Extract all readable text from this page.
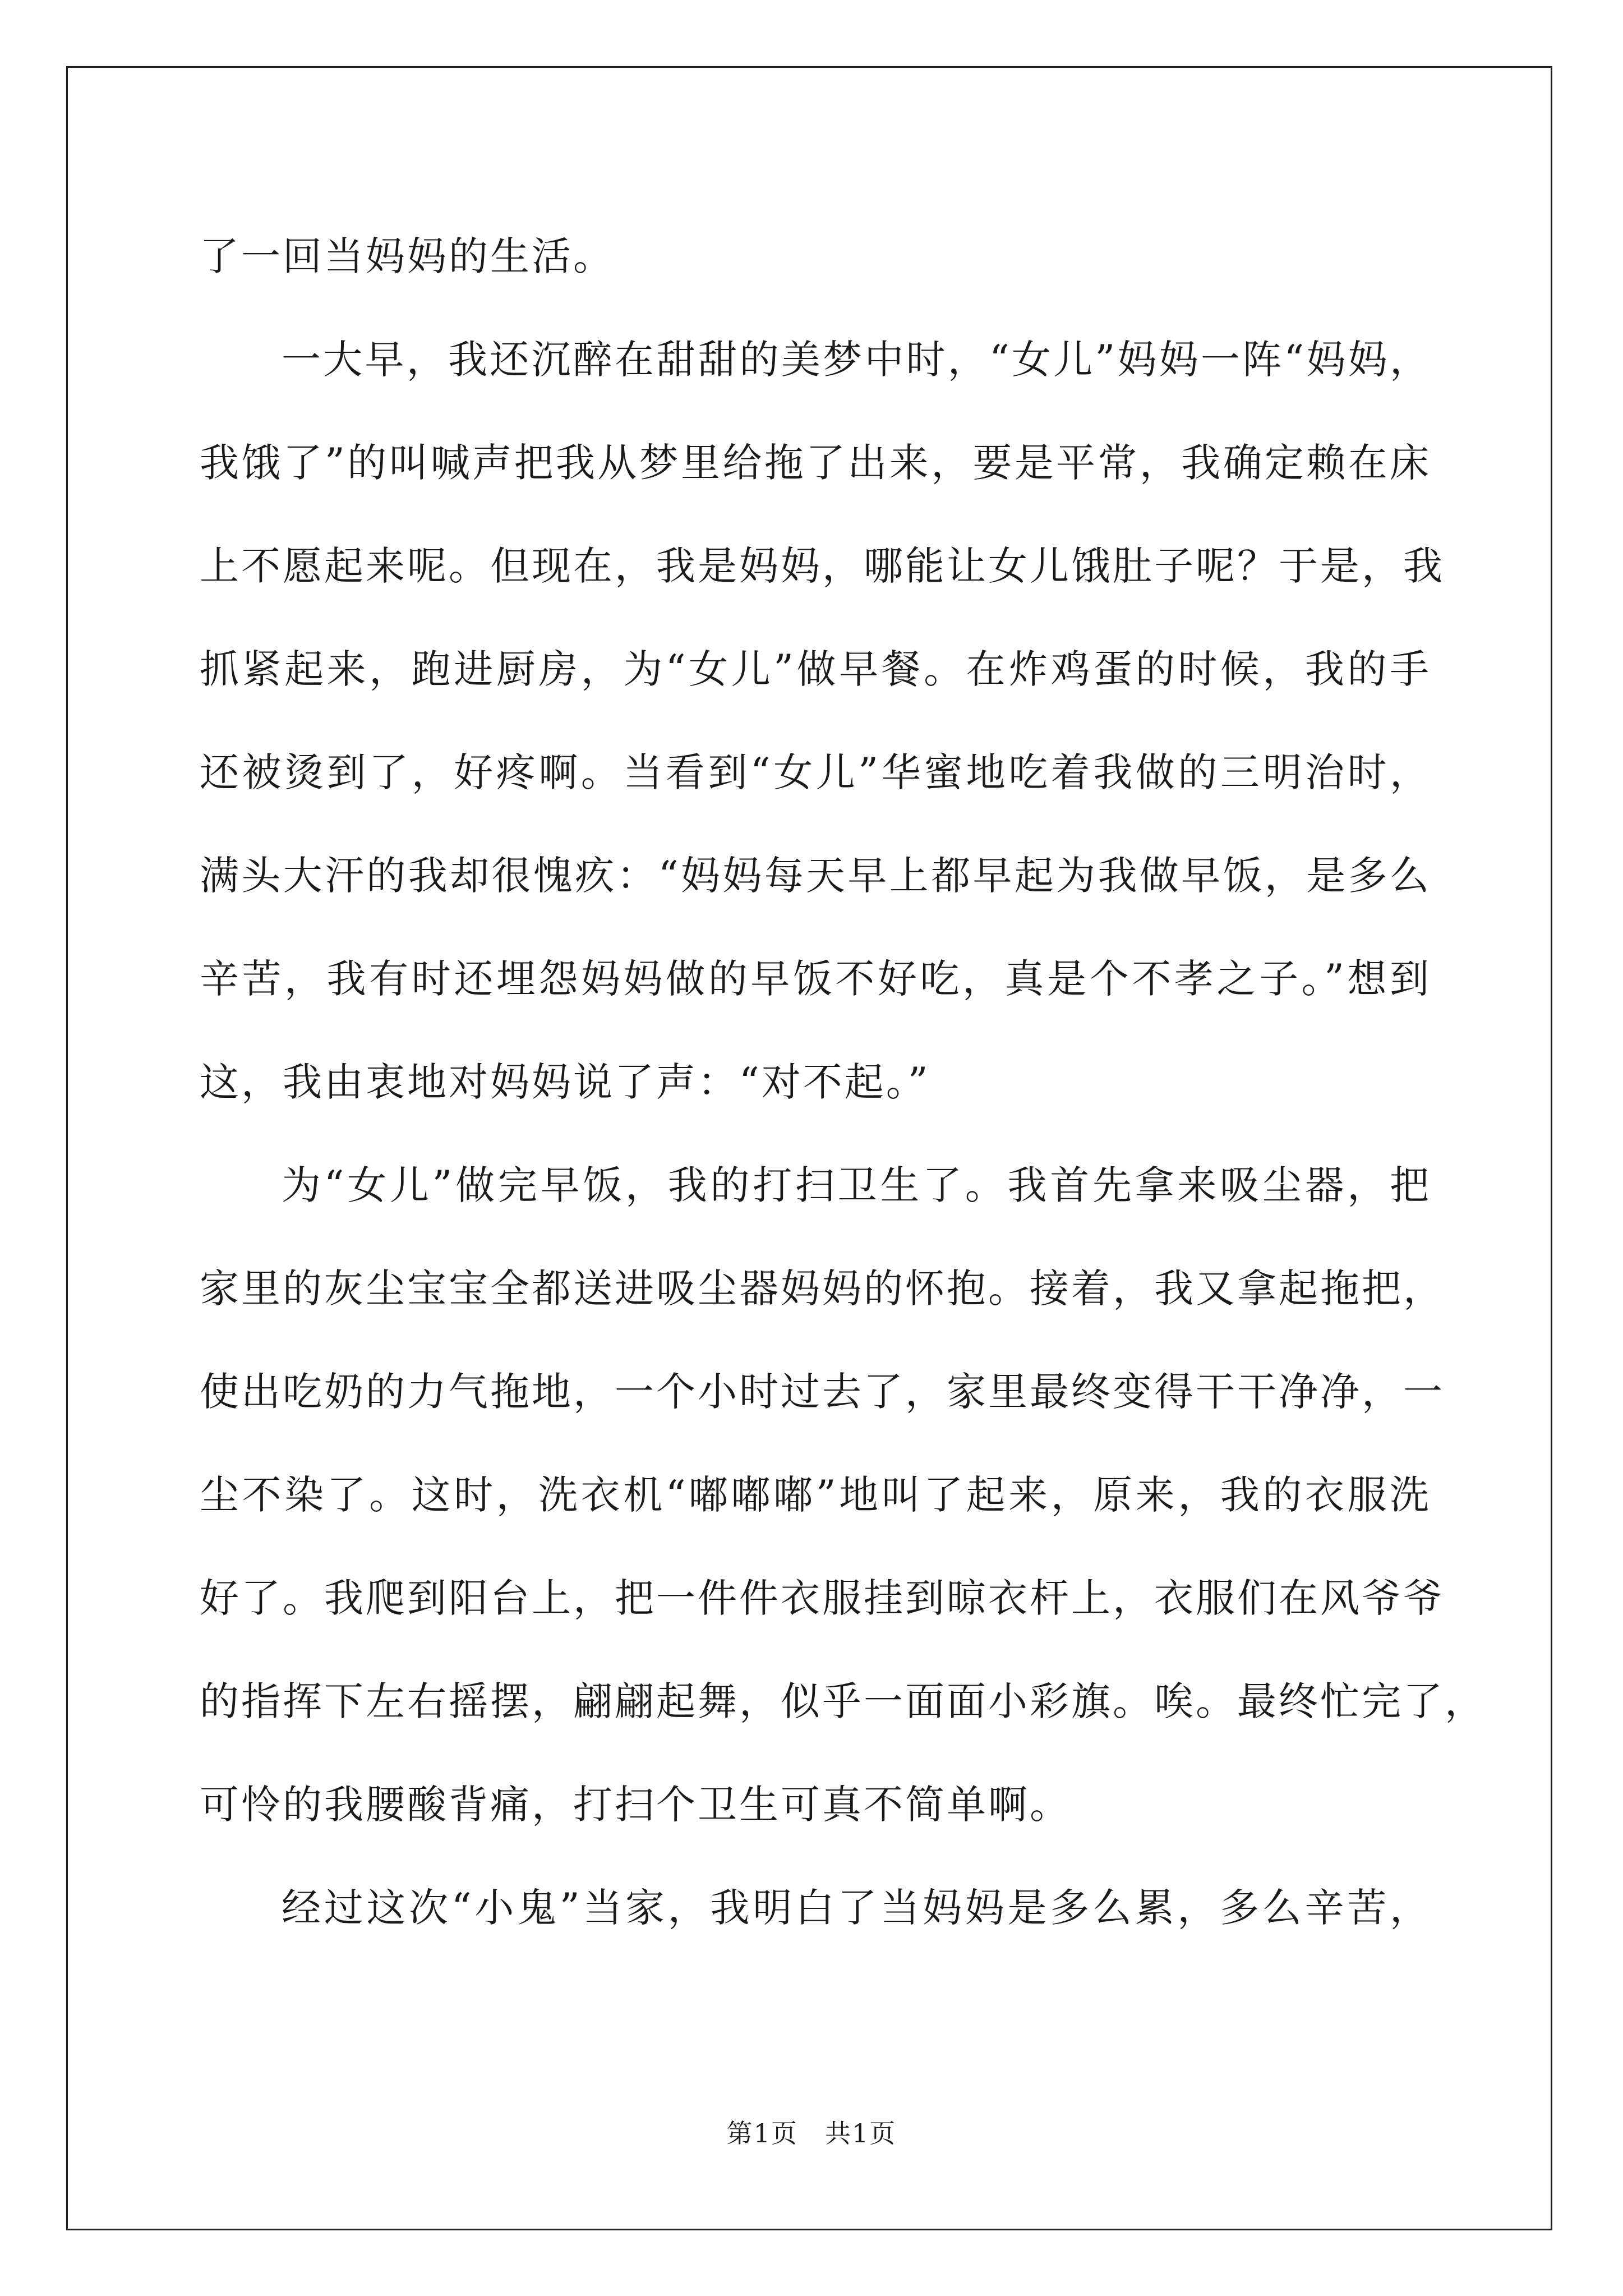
了一回当妈妈的生活。
一大早，我还沉醉在甜甜的美梦中时，“女儿”妈妈一阵“妈妈，
我饿了”的叫喊声把我从梦里给拖了出来，要是平常，我确定赖在床
上不愿起来呢。但现在，我是妈妈，哪能让女儿饿肚子呢？于是，我
抓紧起来，跑进厨房，为“女儿”做早餐。在炸鸡蛋的时候，我的手
还被烫到了，好疼啊。当看到“女儿”华蜜地吃着我做的三明治时，
满头大汗的我却很愧疚：“妈妈每天早上都早起为我做早饭，是多么
辛苦，我有时还埋怨妈妈做的早饭不好吃，真是个不孝之子。”想到
这，我由衷地对妈妈说了声：“对不起。”
为“女儿”做完早饭，我的打扫卫生了。我首先拿来吸尘器，把
家里的灰尘宝宝全都送进吸尘器妈妈的怀抱。接着，我又拿起拖把，
使出吃奶的力气拖地，一个小时过去了，家里最终变得干干净净，一
尘不染了。这时，洗衣机“嘟嘟嘟”地叫了起来，原来，我的衣服洗
好了。我爬到阳台上，把一件件衣服挂到晾衣杆上，衣服们在风爷爷
的指挥下左右摇摆，翩翩起舞，似乎一面面小彩旗。唉。最终忙完了，
可怜的我腰酸背痛，打扫个卫生可真不简单啊。
经过这次“小鬼”当家，我明白了当妈妈是多么累，多么辛苦，
第1页　共1页
